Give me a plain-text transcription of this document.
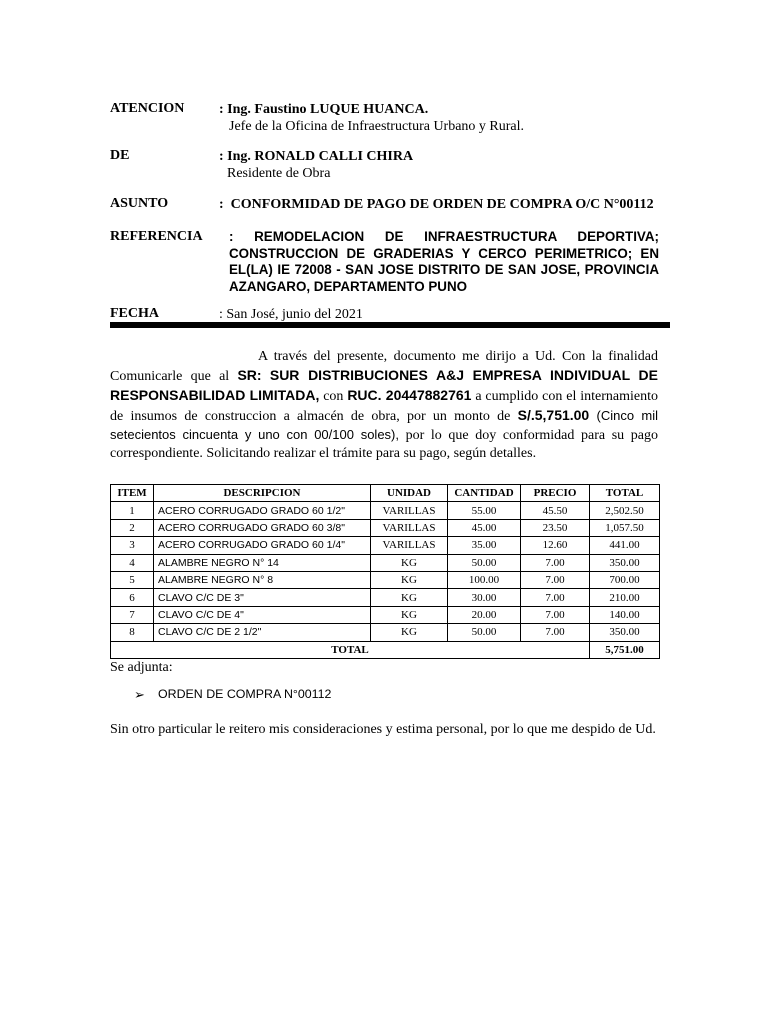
ATENCION : Ing. Faustino LUQUE HUANCA.
Jefe de la Oficina de Infraestructura Urbano y Rural.
DE	: Ing. RONALD CALLI CHIRA
Residente de Obra
ASUNTO	:  CONFORMIDAD DE PAGO DE ORDEN DE COMPRA O/C N°00112
REFERENCIA : REMODELACION DE INFRAESTRUCTURA DEPORTIVA; CONSTRUCCION DE GRADERIAS Y CERCO PERIMETRICO; EN EL(LA) IE 72008 - SAN JOSE DISTRITO DE SAN JOSE, PROVINCIA AZANGARO, DEPARTAMENTO PUNO
FECHA	: San José, junio del 2021
A través del presente, documento me dirijo a Ud. Con la finalidad Comunicarle que al SR: SUR DISTRIBUCIONES A&J EMPRESA INDIVIDUAL DE RESPONSABILIDAD LIMITADA, con RUC. 20447882761 a cumplido con el internamiento de insumos de construccion a almacén de obra, por un monto de S/.5,751.00 (Cinco mil setecientos cincuenta y uno con 00/100 soles), por lo que doy conformidad para su pago correspondiente. Solicitando realizar el trámite para su pago, según detalles.
ITEM	DESCRIPCION	UNIDAD	CANTIDAD	PRECIO	TOTAL
1	ACERO CORRUGADO GRADO 60 1/2"	VARILLAS	55.00	45.50	2,502.50
2	ACERO CORRUGADO GRADO 60 3/8"	VARILLAS	45.00	23.50	1,057.50
3	ACERO CORRUGADO GRADO 60 1/4"	VARILLAS	35.00	12.60	441.00
4	ALAMBRE NEGRO N° 14	KG	50.00	7.00	350.00
5	ALAMBRE NEGRO N° 8	KG	100.00	7.00	700.00
6	CLAVO C/C DE 3"	KG	30.00	7.00	210.00
7	CLAVO C/C DE 4"	KG	20.00	7.00	140.00
8	CLAVO C/C DE 2 1/2"	KG	50.00	7.00	350.00
TOTAL					5,751.00
Se adjunta:
➢ ORDEN DE COMPRA N°00112
Sin otro particular le reitero mis consideraciones y estima personal, por lo que me despido de Ud.
